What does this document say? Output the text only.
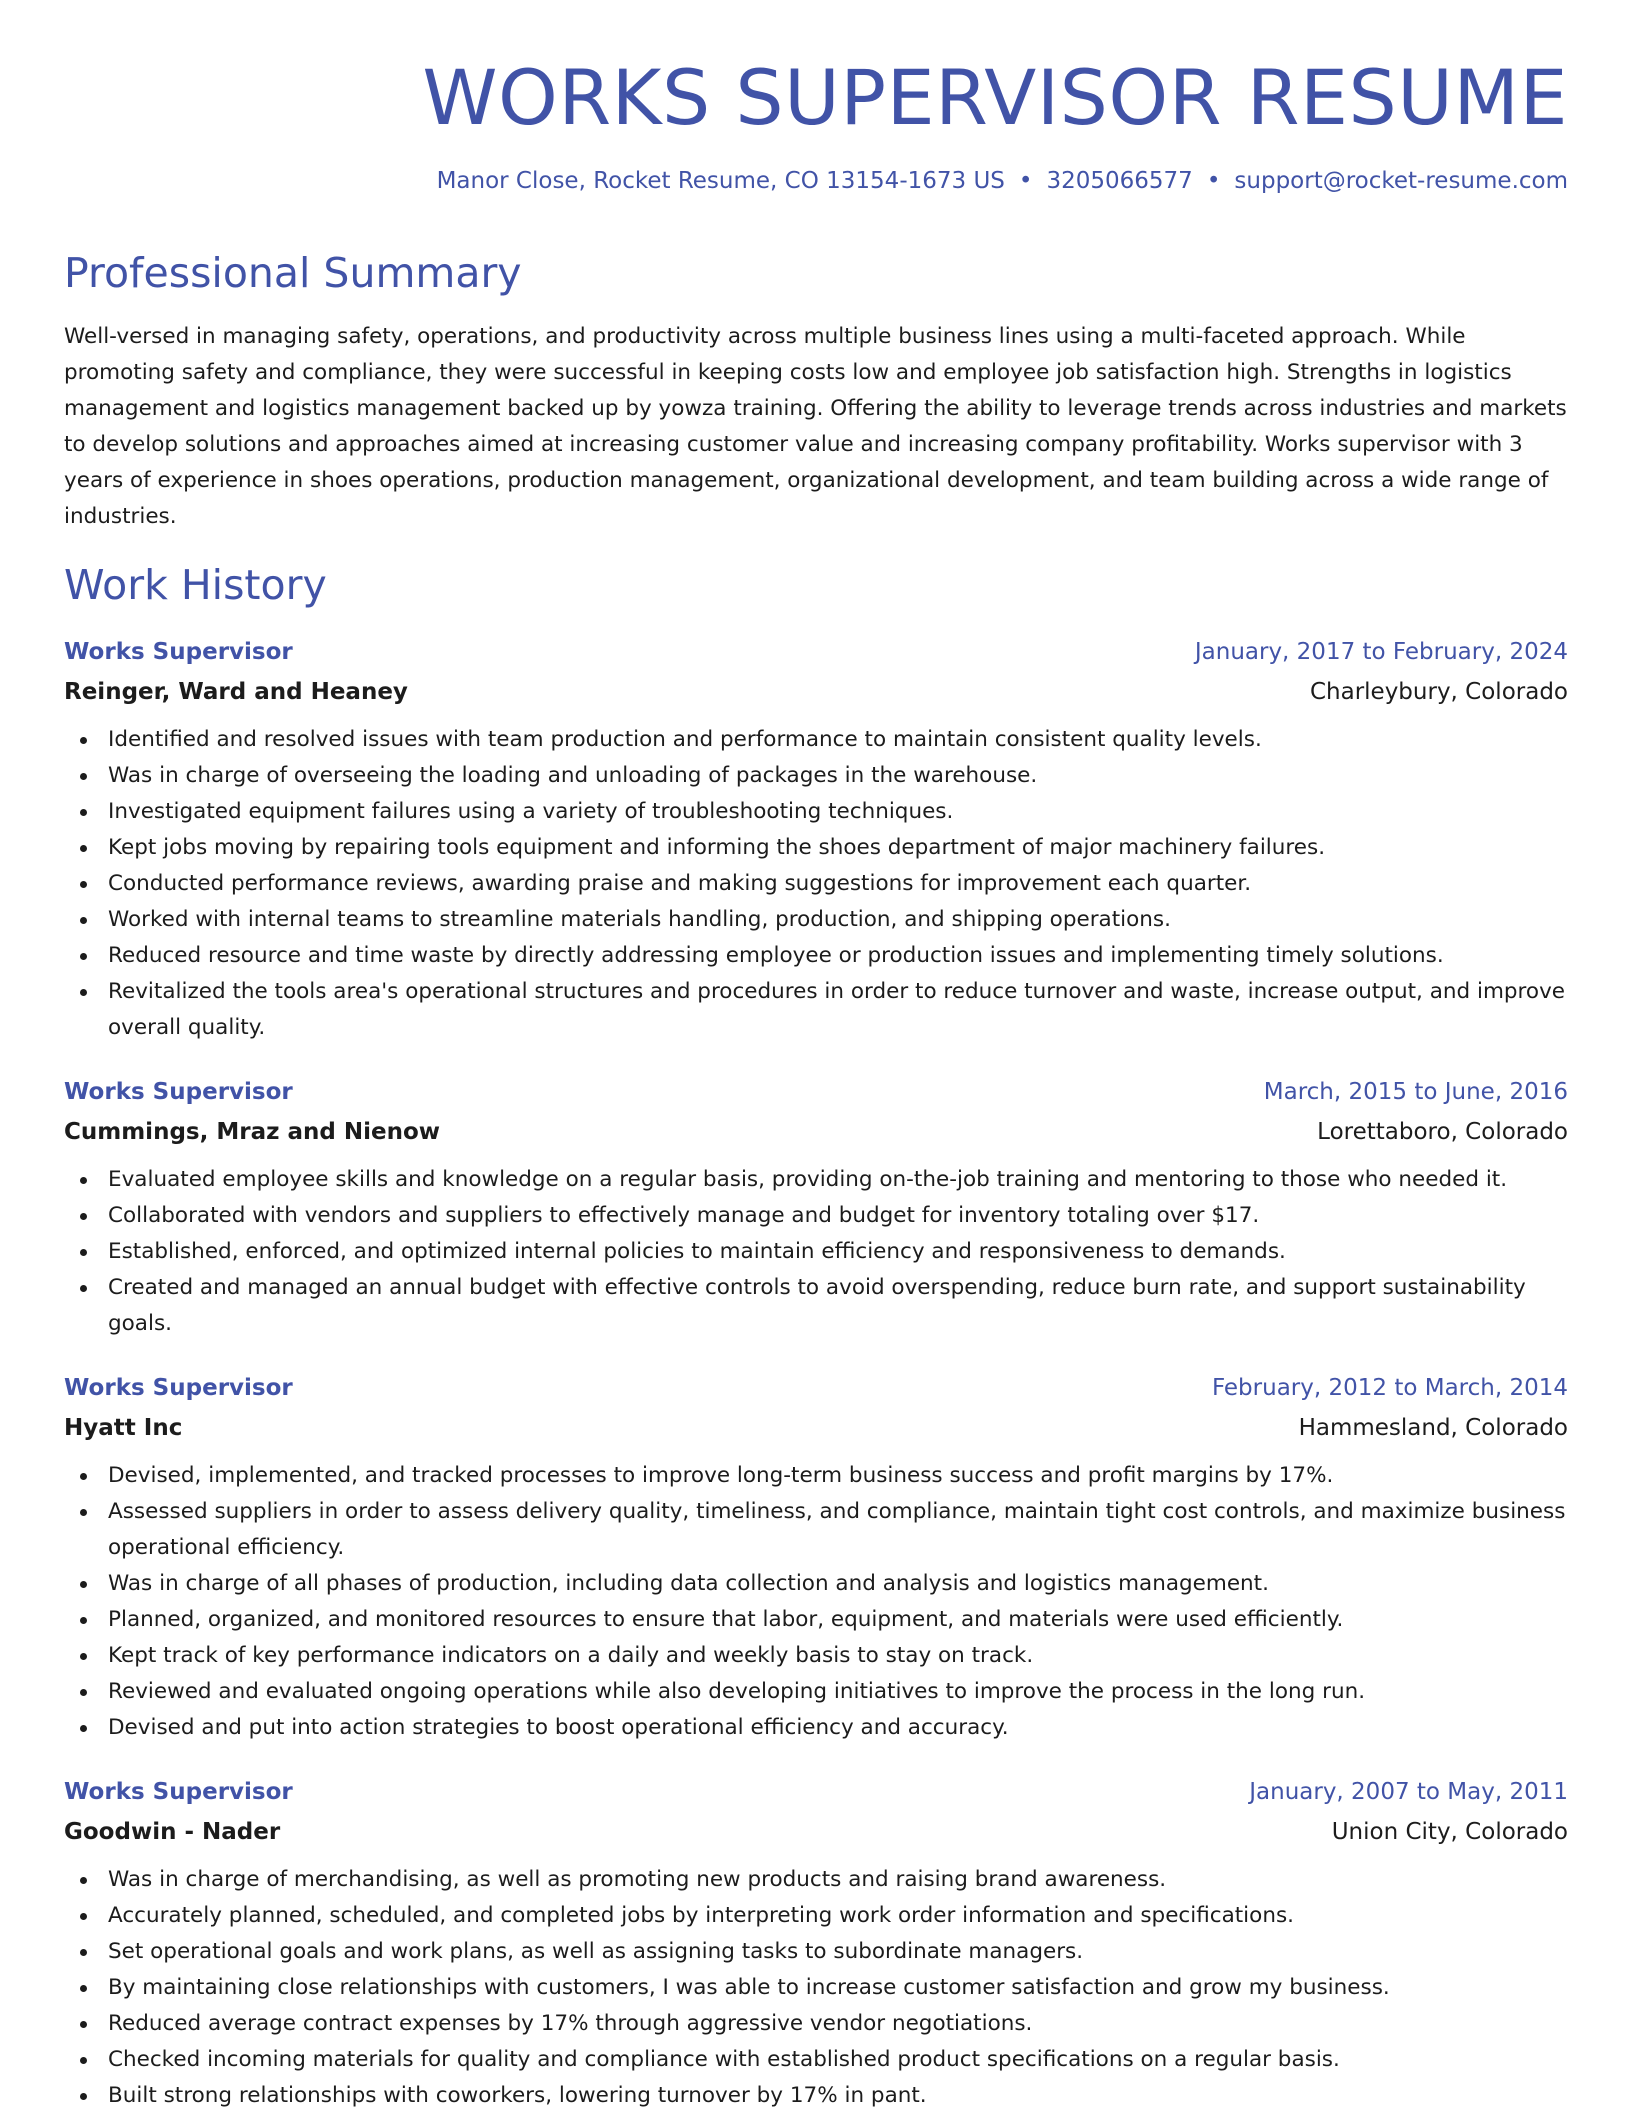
WORKS SUPERVISOR RESUME
Manor Close, Rocket Resume, CO 13154-1673 US • 3205066577 • support@rocket-resume.com
Professional Summary

Well-versed in managing safety, operations, and productivity across multiple business lines using a multi-faceted approach. While promoting safety and compliance, they were successful in keeping costs low and employee job satisfaction high. Strengths in logistics management and logistics management backed up by yowza training. Offering the ability to leverage trends across industries and markets to develop solutions and approaches aimed at increasing customer value and increasing company profitability. Works supervisor with 3 years of experience in shoes operations, production management, organizational development, and team building across a wide range of industries.

Work History
Works Supervisor	January, 2017 to February, 2024
Reinger, Ward and Heaney	Charleybury, Colorado
Identified and resolved issues with team production and performance to maintain consistent quality levels.
Was in charge of overseeing the loading and unloading of packages in the warehouse.
Investigated equipment failures using a variety of troubleshooting techniques.
Kept jobs moving by repairing tools equipment and informing the shoes department of major machinery failures.
Conducted performance reviews, awarding praise and making suggestions for improvement each quarter.
Worked with internal teams to streamline materials handling, production, and shipping operations.
Reduced resource and time waste by directly addressing employee or production issues and implementing timely solutions.
Revitalized the tools area's operational structures and procedures in order to reduce turnover and waste, increase output, and improve overall quality.
Works Supervisor	March, 2015 to June, 2016
Cummings, Mraz and Nienow	Lorettaboro, Colorado
Evaluated employee skills and knowledge on a regular basis, providing on-the-job training and mentoring to those who needed it.
Collaborated with vendors and suppliers to effectively manage and budget for inventory totaling over $17.
Established, enforced, and optimized internal policies to maintain efficiency and responsiveness to demands.
Created and managed an annual budget with effective controls to avoid overspending, reduce burn rate, and support sustainability goals.
Works Supervisor	February, 2012 to March, 2014
Hyatt Inc	Hammesland, Colorado
Devised, implemented, and tracked processes to improve long-term business success and profit margins by 17%.
Assessed suppliers in order to assess delivery quality, timeliness, and compliance, maintain tight cost controls, and maximize business operational efficiency.
Was in charge of all phases of production, including data collection and analysis and logistics management.
Planned, organized, and monitored resources to ensure that labor, equipment, and materials were used efficiently.
Kept track of key performance indicators on a daily and weekly basis to stay on track.
Reviewed and evaluated ongoing operations while also developing initiatives to improve the process in the long run.
Devised and put into action strategies to boost operational efficiency and accuracy.
Works Supervisor	January, 2007 to May, 2011
Goodwin - Nader	Union City, Colorado
Was in charge of merchandising, as well as promoting new products and raising brand awareness.
Accurately planned, scheduled, and completed jobs by interpreting work order information and specifications.
Set operational goals and work plans, as well as assigning tasks to subordinate managers.
By maintaining close relationships with customers, I was able to increase customer satisfaction and grow my business.
Reduced average contract expenses by 17% through aggressive vendor negotiations.
Checked incoming materials for quality and compliance with established product specifications on a regular basis.
Built strong relationships with coworkers, lowering turnover by 17% in pant.
